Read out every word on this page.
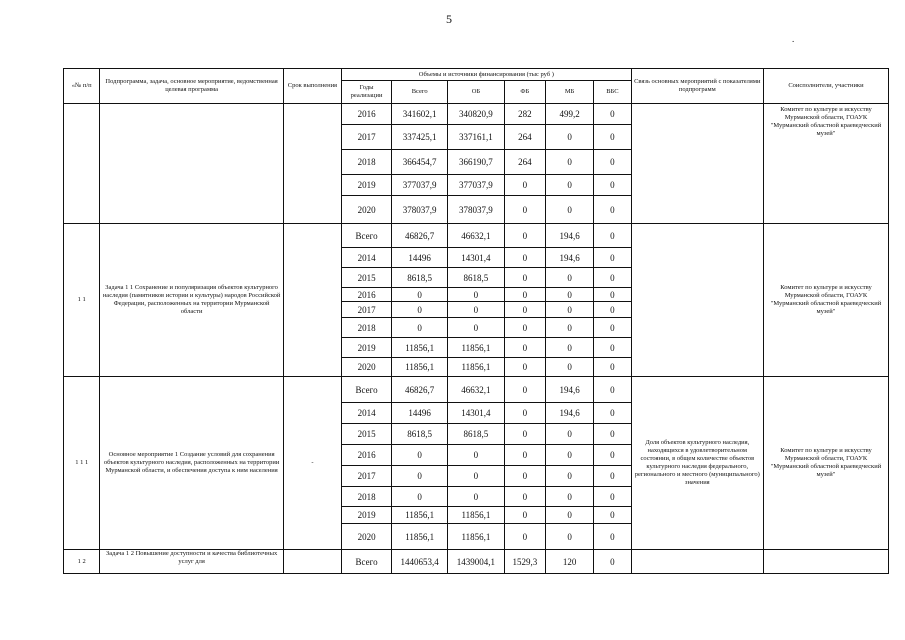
5
.
«№ п/п	Подпрограмма, задача, основное мероприятие, ведомственная целевая программа	Срок выполнения	Объемы и источники финансирования (тыс руб )						Связь основных мероприятий с показателями подпрограмм	Соисполнители, участники
			Годы реализации	Всего	ОБ	ФБ	МБ	ВБС		
			2016	341602,1	340820,9	282	499,2	0		Комитет по культуре и искусству Мурманской области, ГОАУК "Мурманский областной краеведческий музей"
			2017	337425,1	337161,1	264	0	0		
			2018	366454,7	366190,7	264	0	0		
			2019	377037,9	377037,9	0	0	0		
			2020	378037,9	378037,9	0	0	0		
1 1	Задача 1 1 Сохранение и популяризация объектов культурного наследия (памятников истории и культуры) народов Российской Федерации, расположенных на территории Мурманской области		Всего	46826,7	46632,1	0	194,6	0		Комитет по культуре и искусству Мурманской области, ГОАУК "Мурманский областной краеведческий музей"
			2014	14496	14301,4	0	194,6	0		
			2015	8618,5	8618,5	0	0	0		
			2016	0	0	0	0	0		
			2017	0	0	0	0	0		
			2018	0	0	0	0	0		
			2019	11856,1	11856,1	0	0	0		
			2020	11856,1	11856,1	0	0	0		
1 1 1	Основное мероприятие 1 Создание условий для сохранения объектов культурного наследия, расположенных на территории Мурманской области, и обеспечения доступа к ним населения	-	Всего	46826,7	46632,1	0	194,6	0	Доля объектов культурного наследия, находящихся в удовлетворительном состоянии, в общем количестве объектов культурного наследия федерального, регионального и местного (муниципального) значения	Комитет по культуре и искусству Мурманской области, ГОАУК "Мурманский областной краеведческий музей"
			2014	14496	14301,4	0	194,6	0		
			2015	8618,5	8618,5	0	0	0		
			2016	0	0	0	0	0		
			2017	0	0	0	0	0		
			2018	0	0	0	0	0		
			2019	11856,1	11856,1	0	0	0		
			2020	11856,1	11856,1	0	0	0		
1 2	Задача 1 2 Повышение доступности и качества библиотечных услуг для		Всего	1440653,4	1439004,1	1529,3	120	0		
